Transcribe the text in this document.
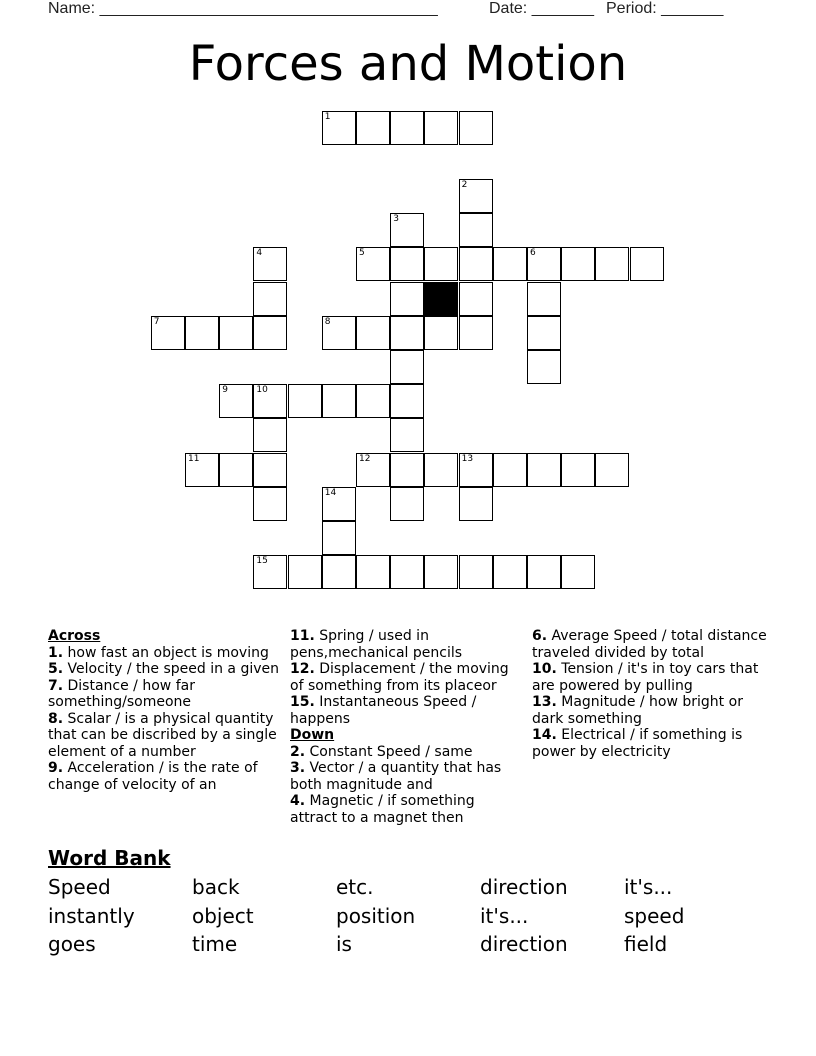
Name: ______________________________________	Date: _______ Period: _______
Forces and Motion
1
2
3
4	5	6
7	8
9	10
11	12	13
14
15
Across
1. how fast an object is moving
5. Velocity / the speed in a given
7. Distance / how far something/someone
8. Scalar / is a physical quantity that can be discribed by a single element of a number
9. Acceleration / is the rate of change of velocity of an
11. Spring / used in pens,mechanical pencils
12. Displacement / the moving of something from its placeor
15. Instantaneous Speed / happens
Down
2. Constant Speed / same
3. Vector / a quantity that has both magnitude and
4. Magnetic / if something attract to a magnet then
6. Average Speed / total distance traveled divided by total
10. Tension / it's in toy cars that are powered by pulling
13. Magnitude / how bright or dark something
14. Electrical / if something is power by electricity
Word Bank
Speed	back	etc.	direction	it's...
instantly	object	position	it's...	speed
goes	time	is	direction	field
